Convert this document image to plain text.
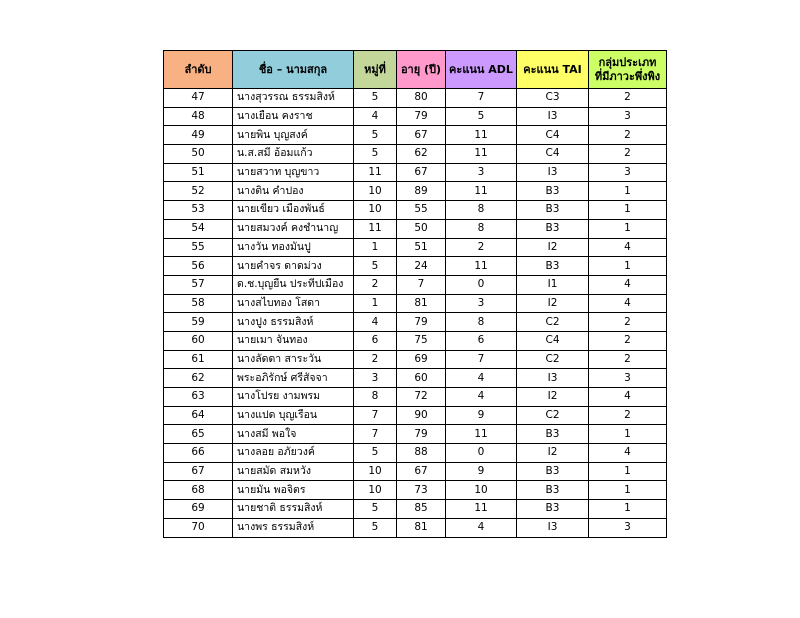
ลำดับ	ชื่อ – นามสกุล	หมู่ที่	อายุ (ปี)	คะแนน ADL	คะแนน TAI	กลุ่มประเภท
ที่มีภาวะพึ่งพิง
47	นางสุวรรณ ธรรมสิงห์	5	80	7	C3	2
48	นางเยือน คงราช	4	79	5	I3	3
49	นายพิน บุญสงค์	5	67	11	C4	2
50	น.ส.สมี อ้อมแก้ว	5	62	11	C4	2
51	นายสวาท บุญขาว	11	67	3	I3	3
52	นางติน คำปอง	10	89	11	B3	1
53	นายเขียว เมืองพันธ์	10	55	8	B3	1
54	นายสมวงค์ คงชำนาญ	11	50	8	B3	1
55	นางวัน ทองมันปู	1	51	2	I2	4
56	นายคำจร ดาดม่วง	5	24	11	B3	1
57	ด.ช.บุญยืน ประทีปเมือง	2	7	0	I1	4
58	นางสไบทอง โสดา	1	81	3	I2	4
59	นางปูง ธรรมสิงห์	4	79	8	C2	2
60	นายเมา จันทอง	6	75	6	C4	2
61	นางลัดดา สาระวัน	2	69	7	C2	2
62	พระอภิรักษ์ ศรีสัจจา	3	60	4	I3	3
63	นางโปรย งามพรม	8	72	4	I2	4
64	นางแปด บุญเรือน	7	90	9	C2	2
65	นางสมี พอใจ	7	79	11	B3	1
66	นางลอย อภัยวงค์	5	88	0	I2	4
67	นายสมัด สมหวัง	10	67	9	B3	1
68	นายมัน พอจิตร	10	73	10	B3	1
69	นายชาติ ธรรมสิงห์	5	85	11	B3	1
70	นางพร ธรรมสิงห์	5	81	4	I3	3
